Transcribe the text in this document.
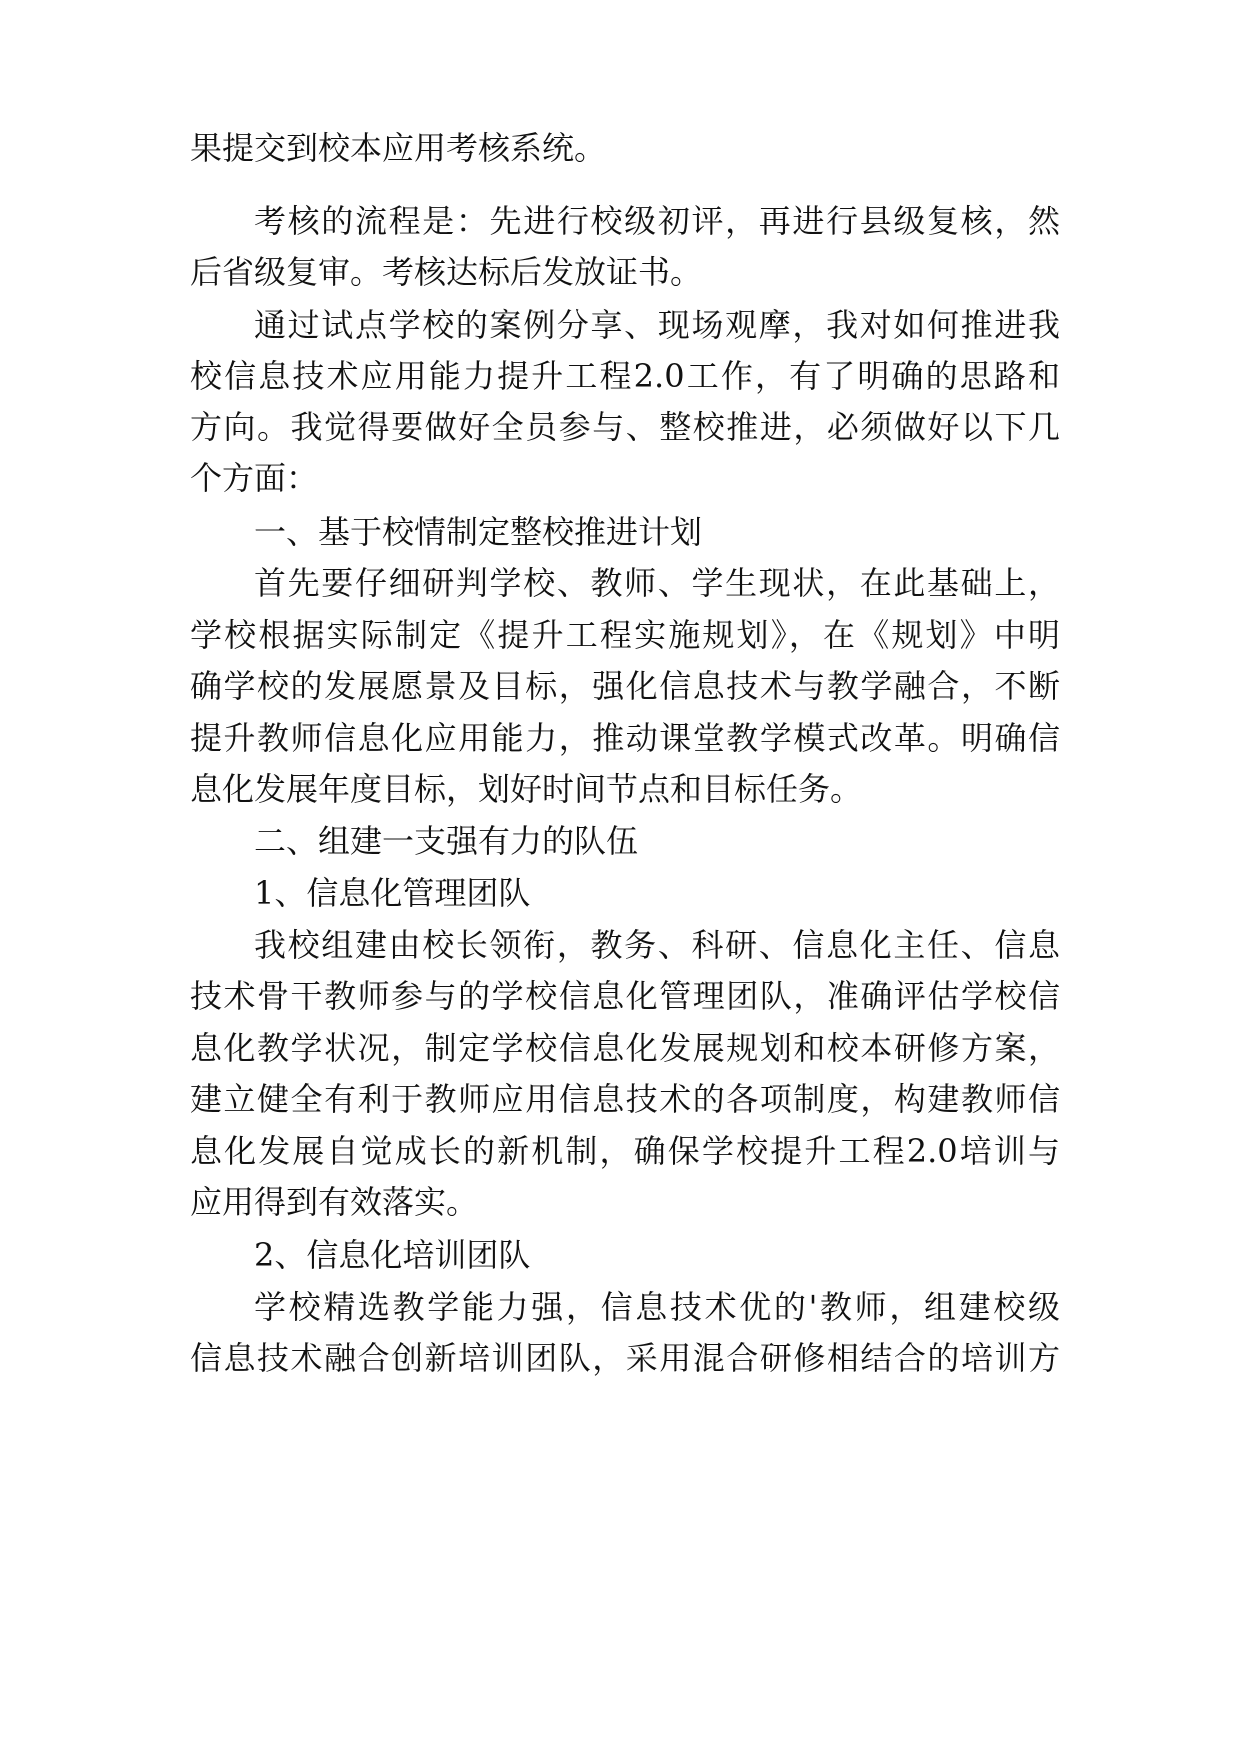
果提交到校本应用考核系统。
考核的流程是：先进行校级初评，再进行县级复核，然
后省级复审。考核达标后发放证书。
通过试点学校的案例分享、现场观摩，我对如何推进我
校信息技术应用能力提升工程2.0工作，有了明确的思路和
方向。我觉得要做好全员参与、整校推进，必须做好以下几
个方面：
一、基于校情制定整校推进计划
首先要仔细研判学校、教师、学生现状，在此基础上，
学校根据实际制定《提升工程实施规划》，在《规划》中明
确学校的发展愿景及目标，强化信息技术与教学融合，不断
提升教师信息化应用能力，推动课堂教学模式改革。明确信
息化发展年度目标，划好时间节点和目标任务。
二、组建一支强有力的队伍
1、信息化管理团队
我校组建由校长领衔，教务、科研、信息化主任、信息
技术骨干教师参与的学校信息化管理团队，准确评估学校信
息化教学状况，制定学校信息化发展规划和校本研修方案，
建立健全有利于教师应用信息技术的各项制度，构建教师信
息化发展自觉成长的新机制，确保学校提升工程2.0培训与
应用得到有效落实。
2、信息化培训团队
学校精选教学能力强，信息技术优的'教师，组建校级
信息技术融合创新培训团队，采用混合研修相结合的培训方
